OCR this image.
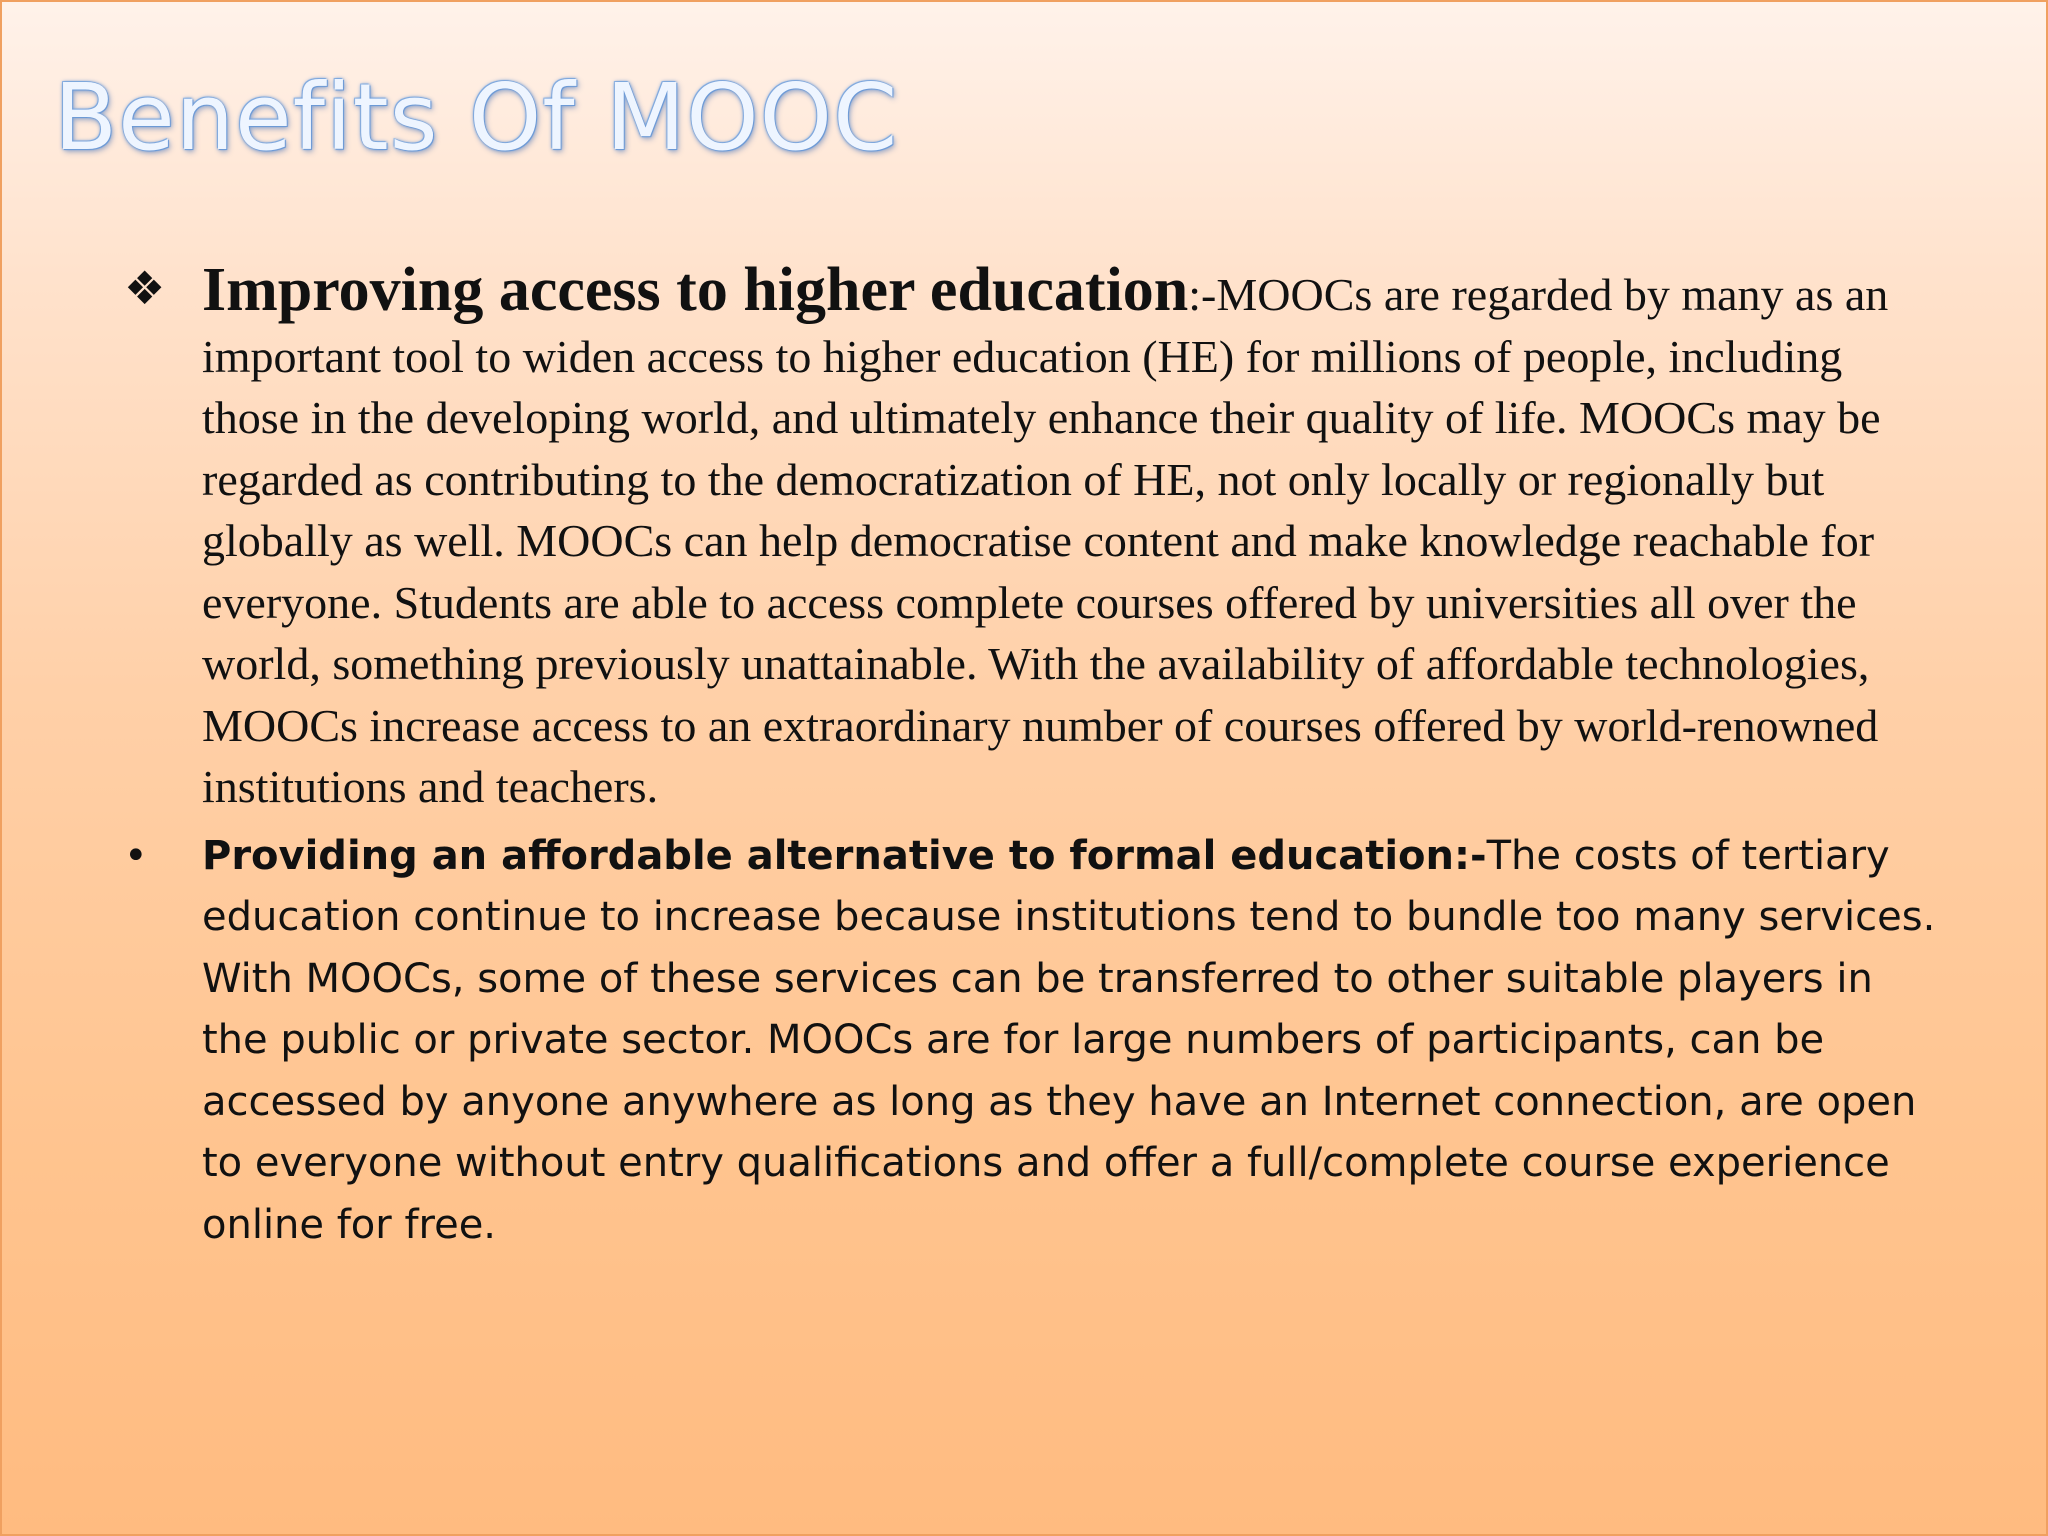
Benefits Of MOOC
❖ Improving access to higher education:-MOOCs are regarded by many as an important tool to widen access to higher education (HE) for millions of people, including those in the developing world, and ultimately enhance their quality of life. MOOCs may be regarded as contributing to the democratization of HE, not only locally or regionally but globally as well. MOOCs can help democratise content and make knowledge reachable for everyone. Students are able to access complete courses offered by universities all over the world, something previously unattainable. With the availability of affordable technologies, MOOCs increase access to an extraordinary number of courses offered by world-renowned institutions and teachers.
• Providing an affordable alternative to formal education:-The costs of tertiary education continue to increase because institutions tend to bundle too many services. With MOOCs, some of these services can be transferred to other suitable players in the public or private sector. MOOCs are for large numbers of participants, can be accessed by anyone anywhere as long as they have an Internet connection, are open to everyone without entry qualifications and offer a full/complete course experience online for free.
